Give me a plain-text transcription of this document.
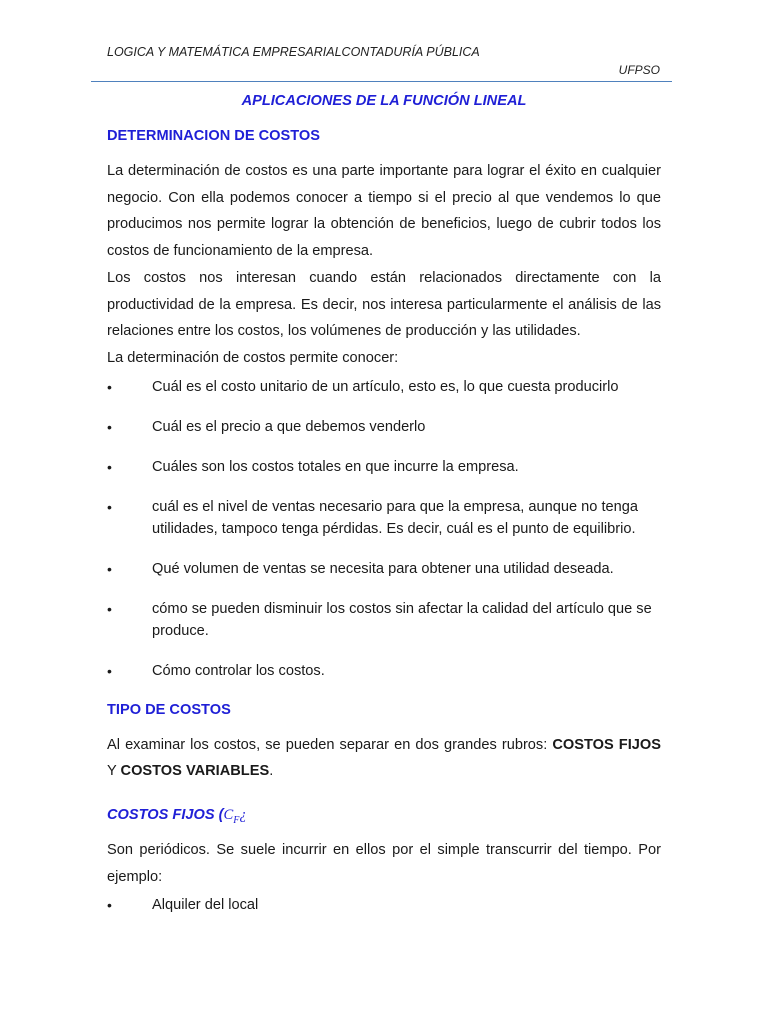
LOGICA Y MATEMÁTICA EMPRESARIALCONTADURÍA PÚBLICA
UFPSO
APLICACIONES DE LA FUNCIÓN LINEAL
DETERMINACION DE COSTOS

La determinación de costos es una parte importante para lograr el éxito en cualquier negocio. Con ella podemos conocer a tiempo si el precio al que vendemos lo que producimos nos permite lograr la obtención de beneficios, luego de cubrir todos los costos de funcionamiento de la empresa.

Los costos nos interesan cuando están relacionados directamente con la productividad de la empresa. Es decir, nos interesa particularmente el análisis de las relaciones entre los costos, los volúmenes de producción y las utilidades.

La determinación de costos permite conocer:

• Cuál es el costo unitario de un artículo, esto es, lo que cuesta producirlo
• Cuál es el precio a que debemos venderlo
• Cuáles son los costos totales en que incurre la empresa.
• cuál es el nivel de ventas necesario para que la empresa, aunque no tenga utilidades, tampoco tenga pérdidas. Es decir, cuál es el punto de equilibrio.
• Qué volumen de ventas se necesita para obtener una utilidad deseada.
• cómo se pueden disminuir los costos sin afectar la calidad del artículo que se produce.
• Cómo controlar los costos.
TIPO DE COSTOS

Al examinar los costos, se pueden separar en dos grandes rubros: COSTOS FIJOS Y COSTOS VARIABLES.

COSTOS FIJOS ($C_F¿$

Son periódicos. Se suele incurrir en ellos por el simple transcurrir del tiempo. Por ejemplo:

• Alquiler del local
